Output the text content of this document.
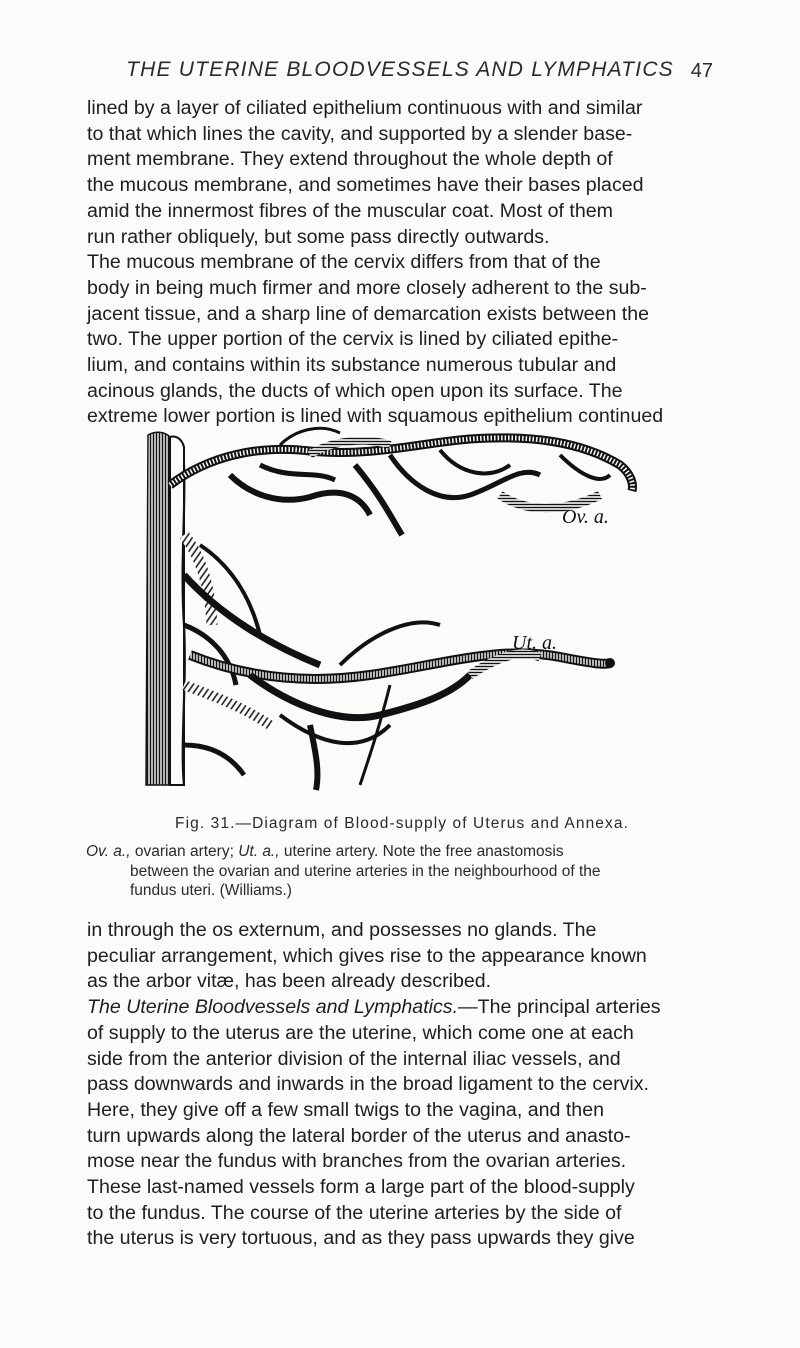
THE UTERINE BLOODVESSELS AND LYMPHATICS 47
lined by a layer of ciliated epithelium continuous with and similar
to that which lines the cavity, and supported by a slender base-
ment membrane. They extend throughout the whole depth of
the mucous membrane, and sometimes have their bases placed
amid the innermost fibres of the muscular coat. Most of them
run rather obliquely, but some pass directly outwards.
The mucous membrane of the cervix differs from that of the
body in being much firmer and more closely adherent to the sub-
jacent tissue, and a sharp line of demarcation exists between the
two. The upper portion of the cervix is lined by ciliated epithe-
lium, and contains within its substance numerous tubular and
acinous glands, the ducts of which open upon its surface. The
extreme lower portion is lined with squamous epithelium continued
Ov. a.
Ut. a.
Fig. 31.—Diagram of Blood-supply of Uterus and Annexa.
Ov. a., ovarian artery; Ut. a., uterine artery. Note the free anastomosis
between the ovarian and uterine arteries in the neighbourhood of the
fundus uteri. (Williams.)
in through the os externum, and possesses no glands. The
peculiar arrangement, which gives rise to the appearance known
as the arbor vitæ, has been already described.
The Uterine Bloodvessels and Lymphatics.—The principal arteries
of supply to the uterus are the uterine, which come one at each
side from the anterior division of the internal iliac vessels, and
pass downwards and inwards in the broad ligament to the cervix.
Here, they give off a few small twigs to the vagina, and then
turn upwards along the lateral border of the uterus and anasto-
mose near the fundus with branches from the ovarian arteries.
These last-named vessels form a large part of the blood-supply
to the fundus. The course of the uterine arteries by the side of
the uterus is very tortuous, and as they pass upwards they give
